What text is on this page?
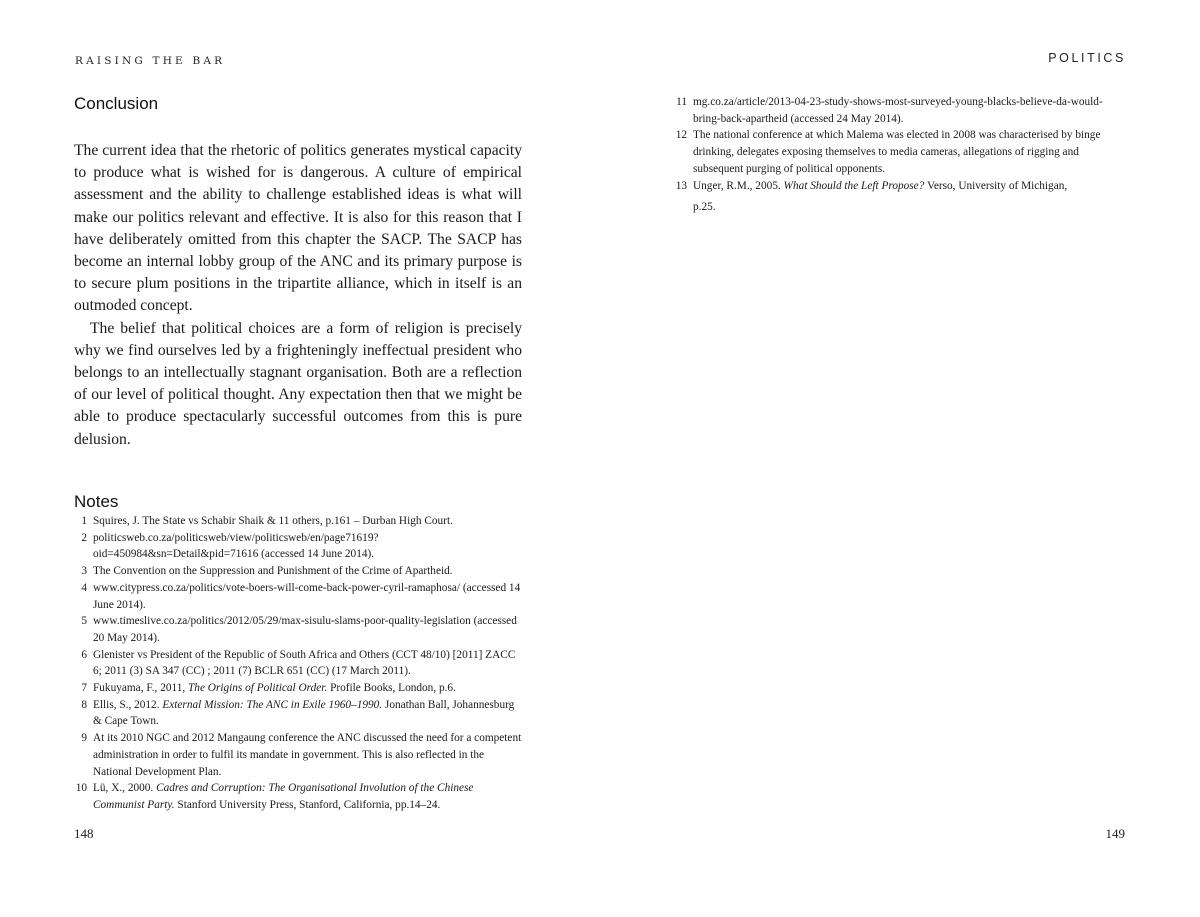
RAISING THE BAR
Conclusion

The current idea that the rhetoric of politics generates mystical capacity to produce what is wished for is dangerous. A culture of empirical assessment and the ability to challenge established ideas is what will make our politics relevant and effective. It is also for this reason that I have deliberately omitted from this chapter the SACP. The SACP has become an internal lobby group of the ANC and its primary purpose is to secure plum positions in the tripartite alliance, which in itself is an outmoded concept.

The belief that political choices are a form of religion is precisely why we find ourselves led by a frighteningly ineffectual president who belongs to an intellectually stagnant organisation. Both are a reflection of our level of political thought. Any expectation then that we might be able to produce spectacularly successful outcomes from this is pure delusion.

Notes
1 Squires, J. The State vs Schabir Shaik & 11 others, p.161 – Durban High Court.
2 politicsweb.co.za/politicsweb/view/politicsweb/en/page71619?oid=450984&sn=Detail&pid=71616 (accessed 14 June 2014).
3 The Convention on the Suppression and Punishment of the Crime of Apartheid.
4 www.citypress.co.za/politics/vote-boers-will-come-back-power-cyril-ramaphosa/ (accessed 14 June 2014).
5 www.timeslive.co.za/politics/2012/05/29/max-sisulu-slams-poor-quality-legislation (accessed 20 May 2014).
6 Glenister vs President of the Republic of South Africa and Others (CCT 48/10) [2011] ZACC 6; 2011 (3) SA 347 (CC) ; 2011 (7) BCLR 651 (CC) (17 March 2011).
7 Fukuyama, F., 2011, The Origins of Political Order. Profile Books, London, p.6.
8 Ellis, S., 2012. External Mission: The ANC in Exile 1960–1990. Jonathan Ball, Johannesburg & Cape Town.
9 At its 2010 NGC and 2012 Mangaung conference the ANC discussed the need for a competent administration in order to fulfil its mandate in government. This is also reflected in the National Development Plan.
10 Lü, X., 2000. Cadres and Corruption: The Organisational Involution of the Chinese Communist Party. Stanford University Press, Stanford, California, pp.14–24.
148
POLITICS
149
11 mg.co.za/article/2013-04-23-study-shows-most-surveyed-young-blacks-believe-da-would-bring-back-apartheid (accessed 24 May 2014).
12 The national conference at which Malema was elected in 2008 was characterised by binge drinking, delegates exposing themselves to media cameras, allegations of rigging and subsequent purging of political opponents.
13 Unger, R.M., 2005. What Should the Left Propose? Verso, University of Michigan,
p.25.
